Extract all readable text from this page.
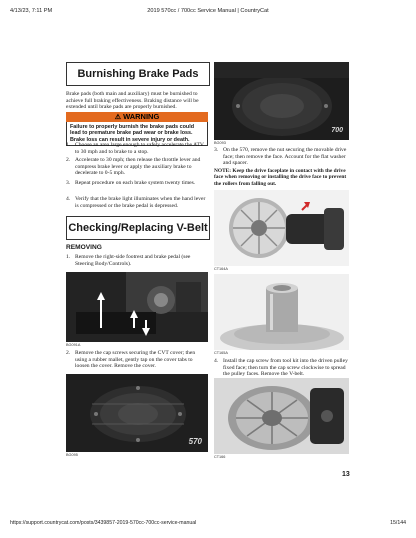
4/13/23, 7:11 PM	2019 570cc / 700cc Service Manual | CountryCat
Burnishing Brake Pads
Brake pads (both main and auxiliary) must be burnished to achieve full braking effectiveness. Braking distance will be extended until brake pads are properly burnished.
⚠ WARNING
Failure to properly burnish the brake pads could lead to premature brake pad wear or brake loss. Brake loss can result in severe injury or death.
1. Choose an area large enough to safely accelerate the ATV to 30 mph and to brake to a stop.
2. Accelerate to 30 mph; then release the throttle lever and compress brake lever or apply the auxiliary brake to decelerate to 0-5 mph.
3. Repeat procedure on each brake system twenty times.
4. Verify that the brake light illuminates when the hand lever is compressed or the brake pedal is depressed.
Checking/Replacing V-Belt
REMOVING
1. Remove the right-side footrest and brake pedal (see Steering Body/Controls).
BG091A
2. Remove the cap screws securing the CVT cover; then using a rubber mallet, gently tap on the cover tabs to loosen the cover. Remove the cover.
570
BG095
700
BG093
3. On the 570, remove the nut securing the movable drive face; then remove the face. Account for the flat washer and spacer.
NOTE: Keep the drive faceplate in contact with the drive face when removing or installing the drive face to prevent the rollers from falling out.
CT164A
CT165A
4. Install the cap screw from tool kit into the driven pulley fixed face; then turn the cap screw clockwise to spread the pulley faces. Remove the V-belt.
CT166
13
https://support.countrycat.com/posts/3439857-2019-570cc-700cc-service-manual	15/144
